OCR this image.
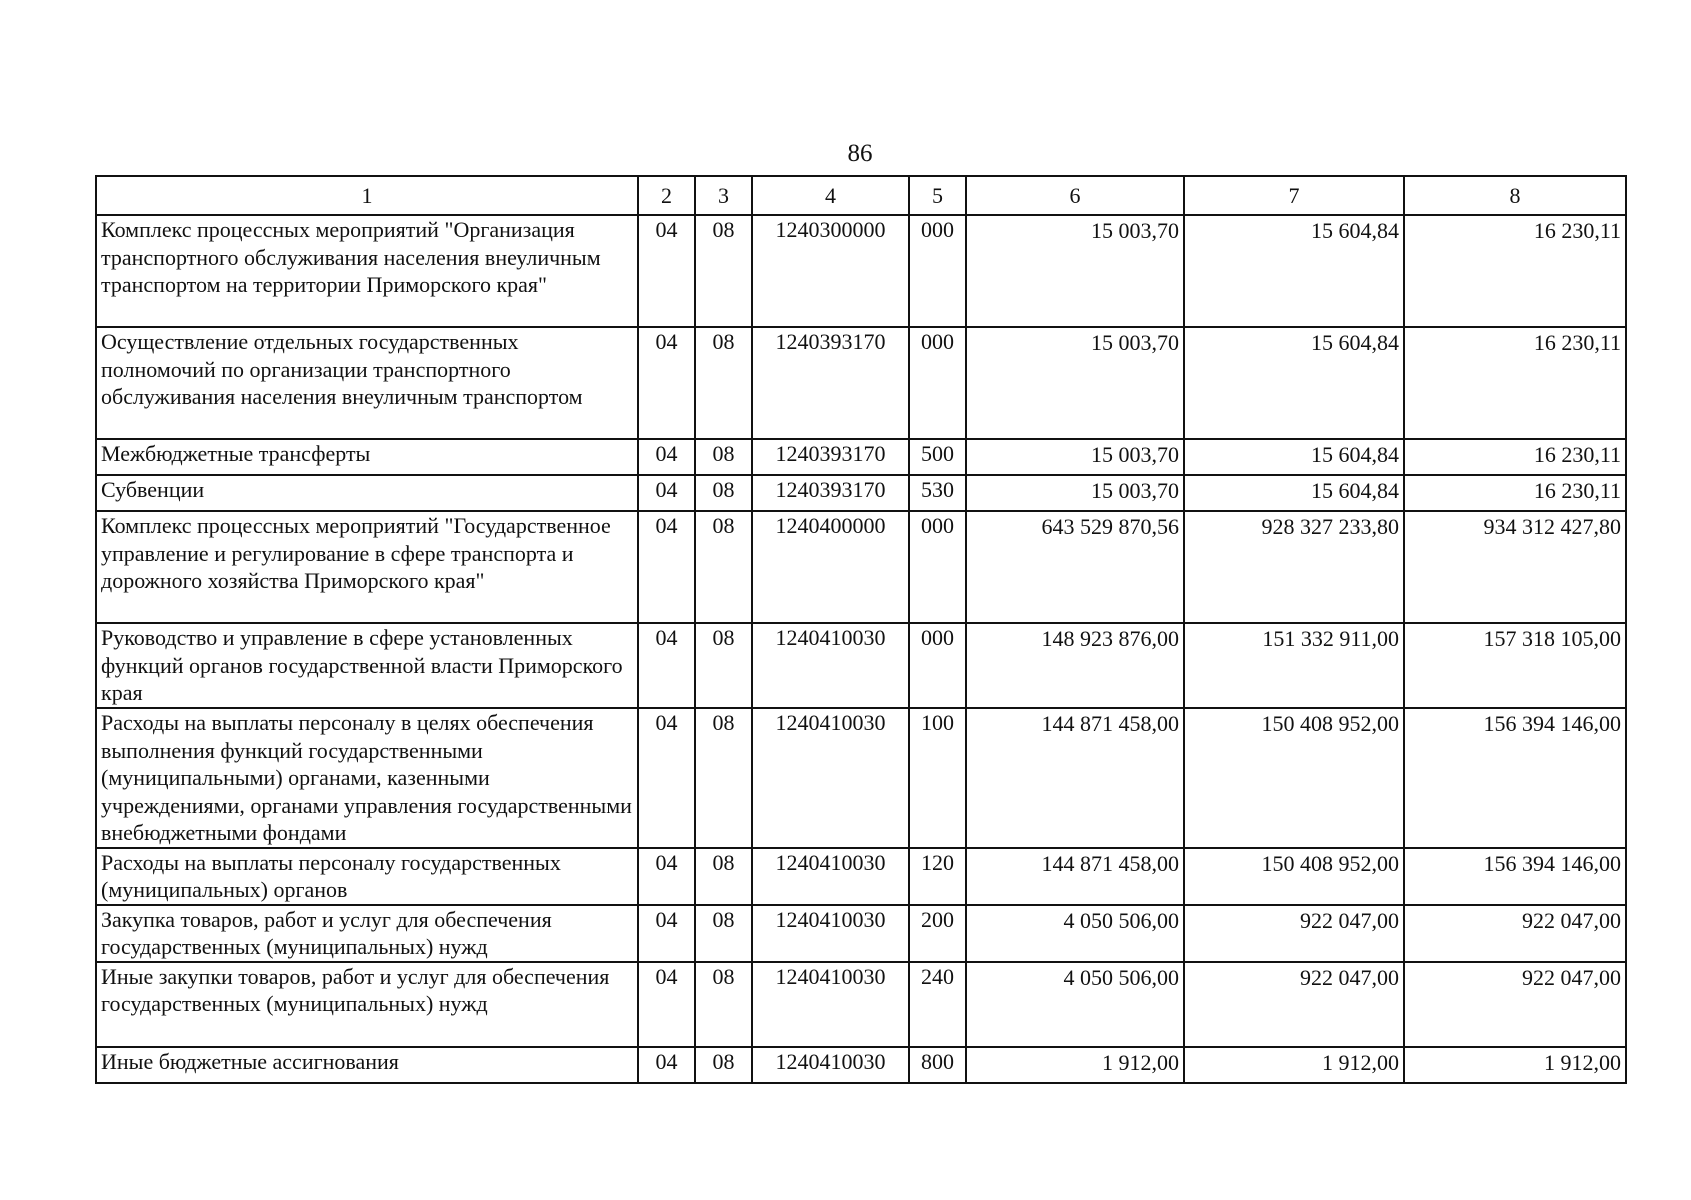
86
1	2	3	4	5	6	7	8
Комплекс процессных мероприятий "Организация транспортного обслуживания населения внеуличным транспортом на территории Приморского края"	04	08	1240300000	000	15 003,70	15 604,84	16 230,11
Осуществление отдельных государственных полномочий по организации транспортного обслуживания населения внеуличным транспортом	04	08	1240393170	000	15 003,70	15 604,84	16 230,11
Межбюджетные трансферты	04	08	1240393170	500	15 003,70	15 604,84	16 230,11
Субвенции	04	08	1240393170	530	15 003,70	15 604,84	16 230,11
Комплекс процессных мероприятий "Государственное управление и регулирование в сфере транспорта и дорожного хозяйства Приморского края"	04	08	1240400000	000	643 529 870,56	928 327 233,80	934 312 427,80
Руководство и управление в сфере установленных функций органов государственной власти Приморского края	04	08	1240410030	000	148 923 876,00	151 332 911,00	157 318 105,00
Расходы на выплаты персоналу в целях обеспечения выполнения функций государственными (муниципальными) органами, казенными учреждениями, органами управления государственными внебюджетными фондами	04	08	1240410030	100	144 871 458,00	150 408 952,00	156 394 146,00
Расходы на выплаты персоналу государственных (муниципальных) органов	04	08	1240410030	120	144 871 458,00	150 408 952,00	156 394 146,00
Закупка товаров, работ и услуг для обеспечения государственных (муниципальных) нужд	04	08	1240410030	200	4 050 506,00	922 047,00	922 047,00
Иные закупки товаров, работ и услуг для обеспечения государственных (муниципальных) нужд	04	08	1240410030	240	4 050 506,00	922 047,00	922 047,00
Иные бюджетные ассигнования	04	08	1240410030	800	1 912,00	1 912,00	1 912,00
